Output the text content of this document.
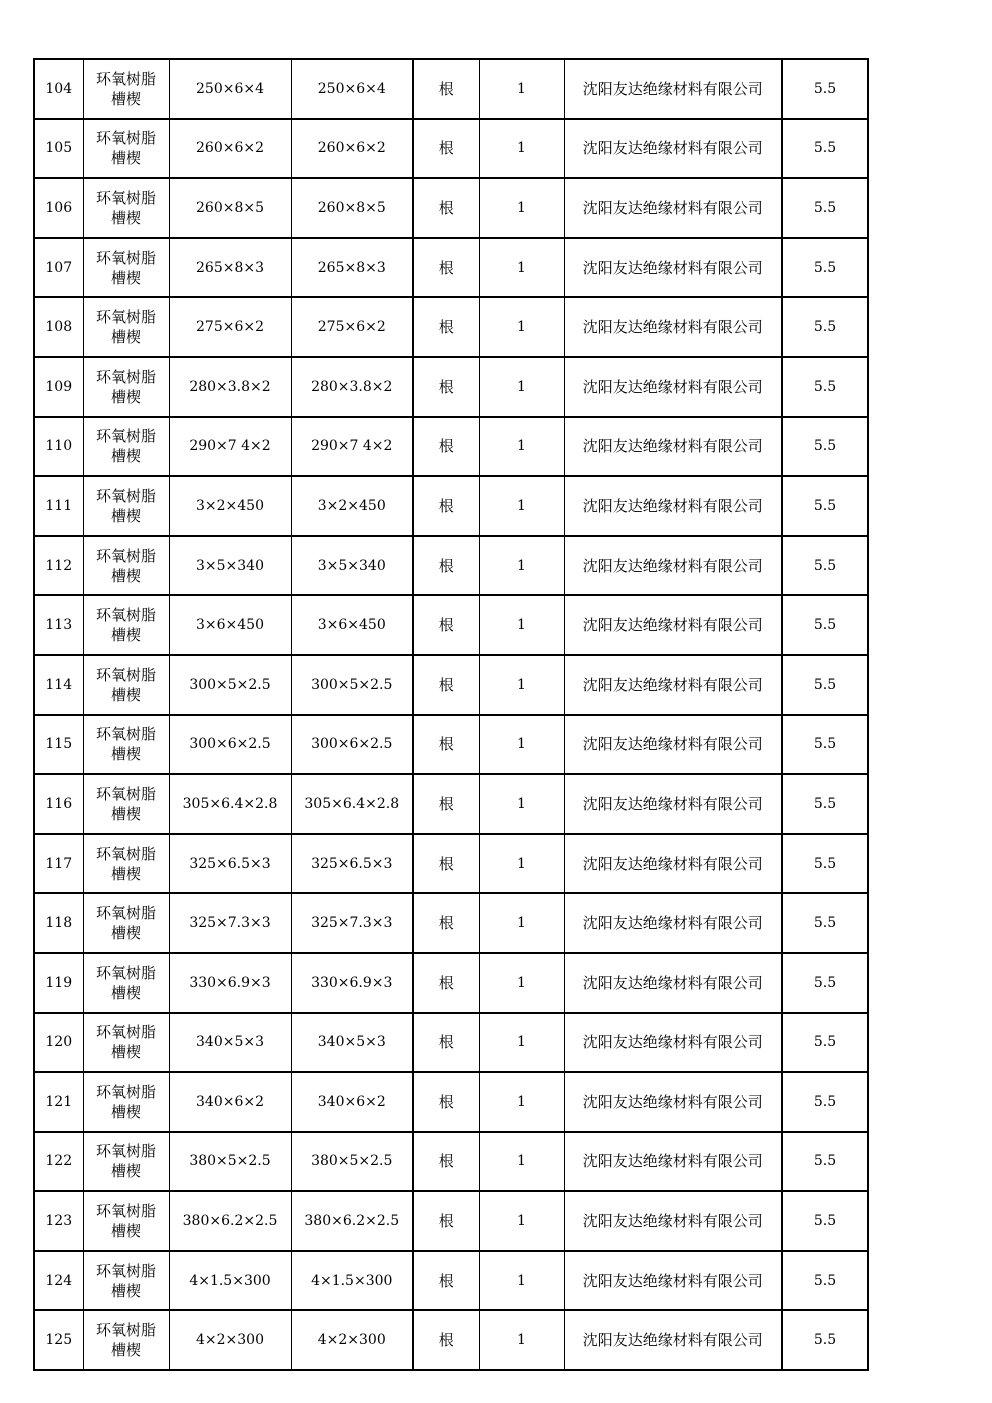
104	环氧树脂槽楔	250×6×4	250×6×4	根	1	沈阳友达绝缘材料有限公司	5.5
105	环氧树脂槽楔	260×6×2	260×6×2	根	1	沈阳友达绝缘材料有限公司	5.5
106	环氧树脂槽楔	260×8×5	260×8×5	根	1	沈阳友达绝缘材料有限公司	5.5
107	环氧树脂槽楔	265×8×3	265×8×3	根	1	沈阳友达绝缘材料有限公司	5.5
108	环氧树脂槽楔	275×6×2	275×6×2	根	1	沈阳友达绝缘材料有限公司	5.5
109	环氧树脂槽楔	280×3.8×2	280×3.8×2	根	1	沈阳友达绝缘材料有限公司	5.5
110	环氧树脂槽楔	290×7 4×2	290×7 4×2	根	1	沈阳友达绝缘材料有限公司	5.5
111	环氧树脂槽楔	3×2×450	3×2×450	根	1	沈阳友达绝缘材料有限公司	5.5
112	环氧树脂槽楔	3×5×340	3×5×340	根	1	沈阳友达绝缘材料有限公司	5.5
113	环氧树脂槽楔	3×6×450	3×6×450	根	1	沈阳友达绝缘材料有限公司	5.5
114	环氧树脂槽楔	300×5×2.5	300×5×2.5	根	1	沈阳友达绝缘材料有限公司	5.5
115	环氧树脂槽楔	300×6×2.5	300×6×2.5	根	1	沈阳友达绝缘材料有限公司	5.5
116	环氧树脂槽楔	305×6.4×2.8	305×6.4×2.8	根	1	沈阳友达绝缘材料有限公司	5.5
117	环氧树脂槽楔	325×6.5×3	325×6.5×3	根	1	沈阳友达绝缘材料有限公司	5.5
118	环氧树脂槽楔	325×7.3×3	325×7.3×3	根	1	沈阳友达绝缘材料有限公司	5.5
119	环氧树脂槽楔	330×6.9×3	330×6.9×3	根	1	沈阳友达绝缘材料有限公司	5.5
120	环氧树脂槽楔	340×5×3	340×5×3	根	1	沈阳友达绝缘材料有限公司	5.5
121	环氧树脂槽楔	340×6×2	340×6×2	根	1	沈阳友达绝缘材料有限公司	5.5
122	环氧树脂槽楔	380×5×2.5	380×5×2.5	根	1	沈阳友达绝缘材料有限公司	5.5
123	环氧树脂槽楔	380×6.2×2.5	380×6.2×2.5	根	1	沈阳友达绝缘材料有限公司	5.5
124	环氧树脂槽楔	4×1.5×300	4×1.5×300	根	1	沈阳友达绝缘材料有限公司	5.5
125	环氧树脂槽楔	4×2×300	4×2×300	根	1	沈阳友达绝缘材料有限公司	5.5
